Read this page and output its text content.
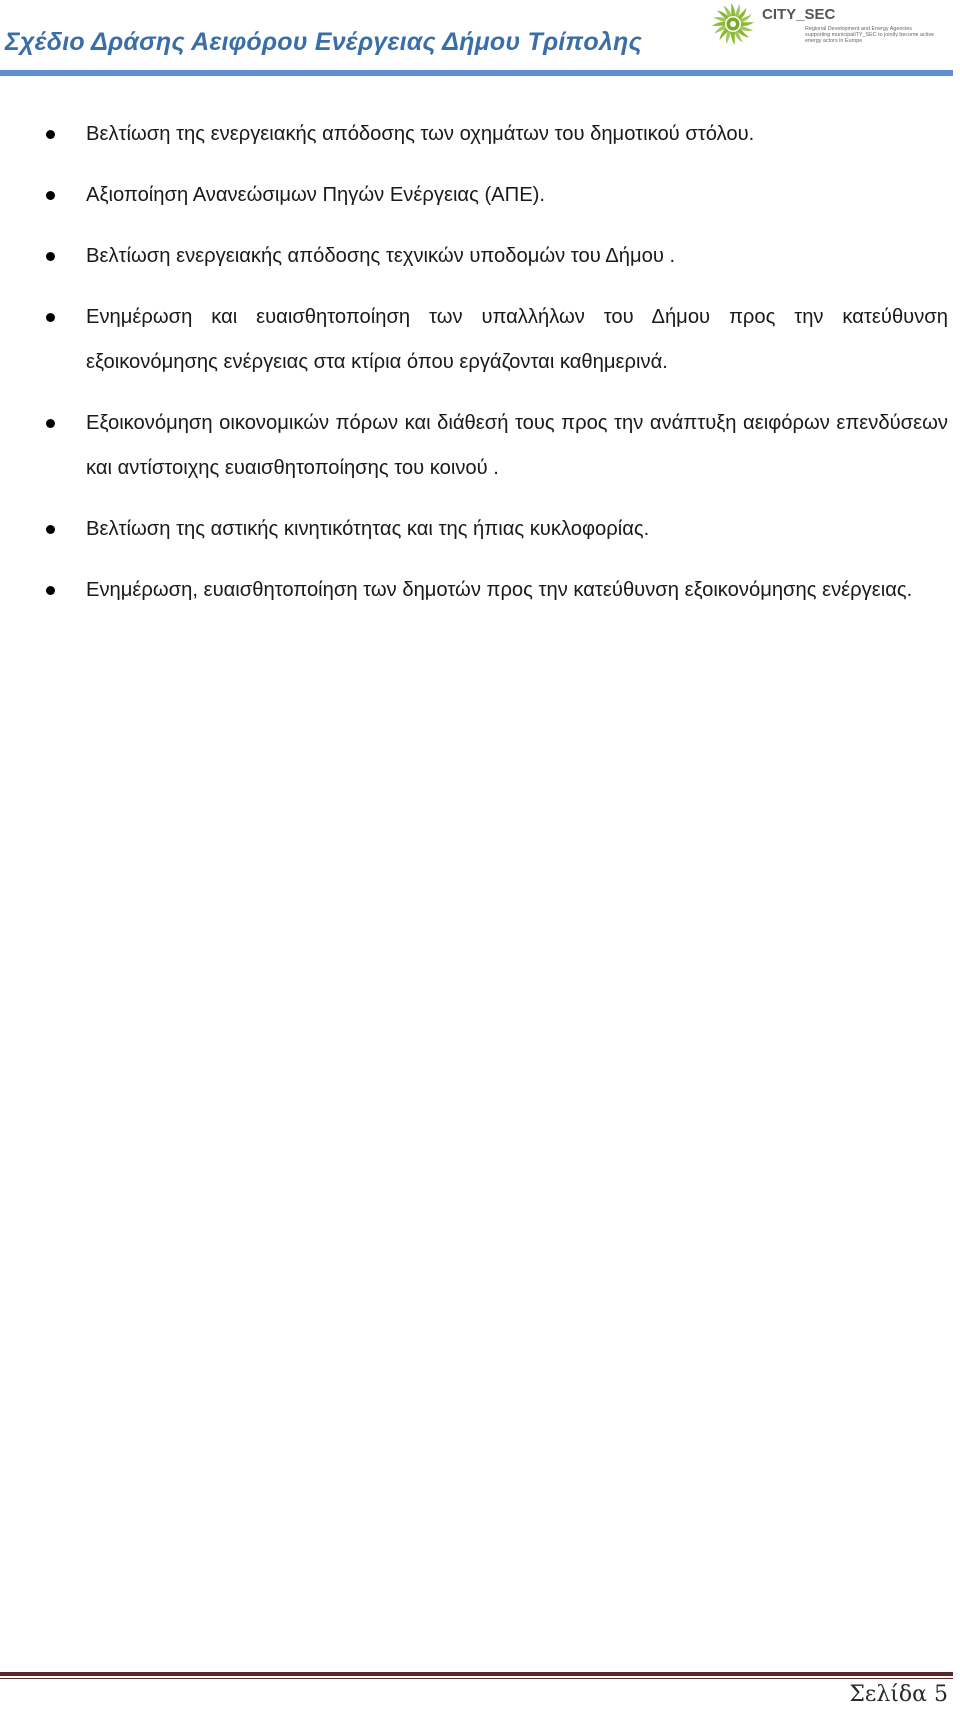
Σχέδιο Δράσης Αειφόρου Ενέργειας Δήμου Τρίπολης
CITY_SEC
Regional Development and Energy Agencies supporting municipaliTY_SEC to jointly become active energy actors in Europe
Βελτίωση της ενεργειακής απόδοσης των οχημάτων του δημοτικού στόλου.
Αξιοποίηση Ανανεώσιμων Πηγών Ενέργειας (ΑΠΕ).
Βελτίωση ενεργειακής απόδοσης τεχνικών υποδομών του Δήμου .
Ενημέρωση και ευαισθητοποίηση των υπαλλήλων του Δήμου προς την κατεύθυνση εξοικονόμησης ενέργειας στα κτίρια όπου εργάζονται καθημερινά.
Εξοικονόμηση οικονομικών πόρων και διάθεσή τους προς την ανάπτυξη αειφόρων επενδύσεων και αντίστοιχης ευαισθητοποίησης του κοινού .
Βελτίωση της αστικής κινητικότητας και της ήπιας κυκλοφορίας.
Ενημέρωση, ευαισθητοποίηση των δημοτών προς την κατεύθυνση εξοικονόμησης ενέργειας.
Σελίδα 5
